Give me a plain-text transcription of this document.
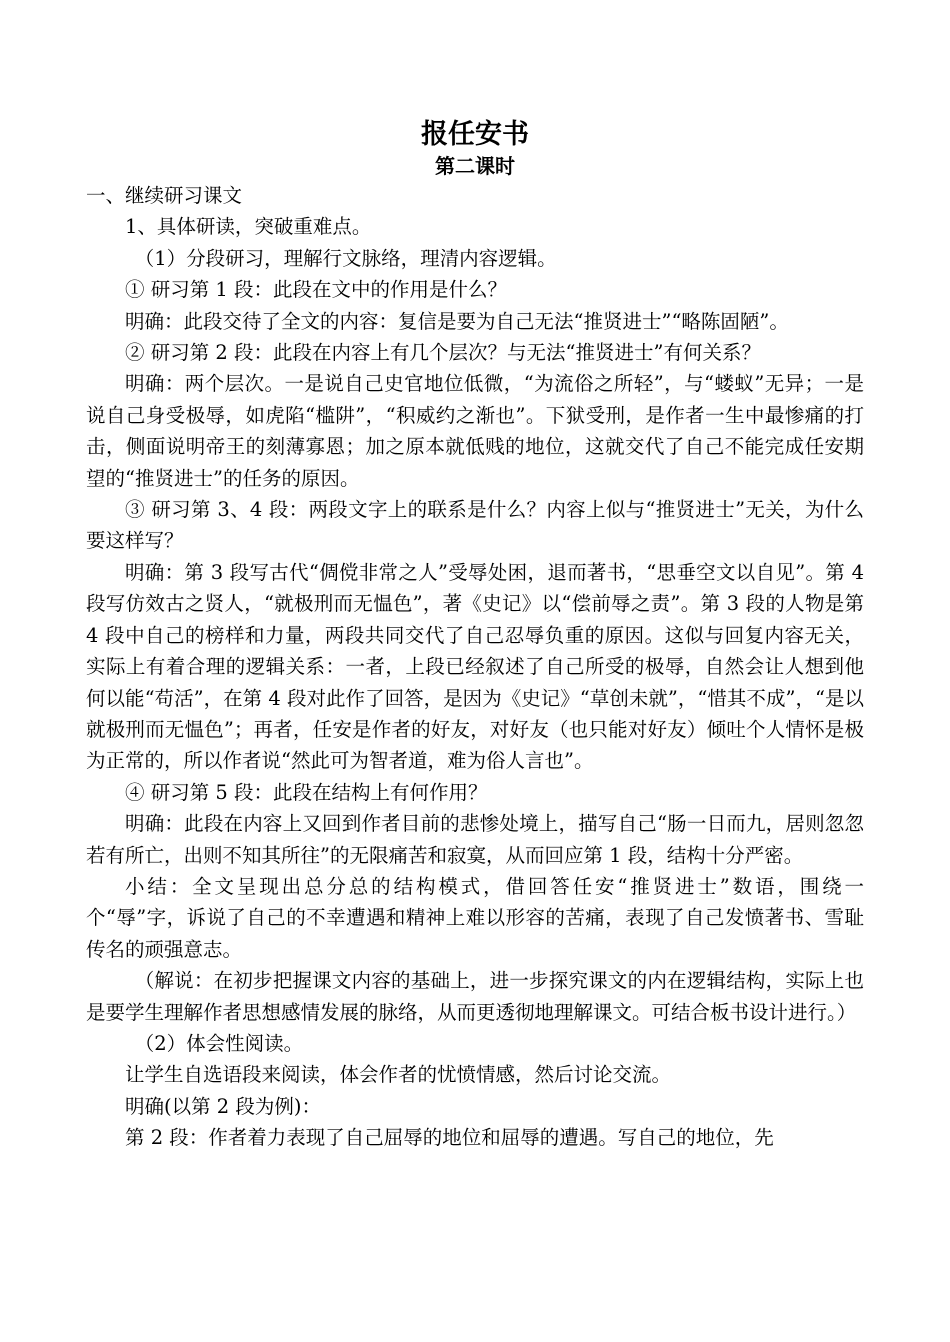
报任安书
第二课时

一、继续研习课文

1、具体研读，突破重难点。

（1）分段研习，理解行文脉络，理清内容逻辑。

① 研习第 1 段：此段在文中的作用是什么？

明确：此段交待了全文的内容：复信是要为自己无法“推贤进士”“略陈固陋”。

② 研习第 2 段：此段在内容上有几个层次？与无法“推贤进士”有何关系？

明确：两个层次。一是说自己史官地位低微，“为流俗之所轻”，与“蝼蚁”无异；一是说自己身受极辱，如虎陷“槛阱”，“积威约之渐也”。下狱受刑，是作者一生中最惨痛的打击，侧面说明帝王的刻薄寡恩；加之原本就低贱的地位，这就交代了自己不能完成任安期望的“推贤进士”的任务的原因。

③ 研习第 3、4 段：两段文字上的联系是什么？内容上似与“推贤进士”无关，为什么要这样写？

明确：第 3 段写古代“倜傥非常之人”受辱处困，退而著书，“思垂空文以自见”。第 4 段写仿效古之贤人，“就极刑而无愠色”，著《史记》以“偿前辱之责”。第 3 段的人物是第 4 段中自己的榜样和力量，两段共同交代了自己忍辱负重的原因。这似与回复内容无关，实际上有着合理的逻辑关系：一者，上段已经叙述了自己所受的极辱，自然会让人想到他何以能“苟活”，在第 4 段对此作了回答，是因为《史记》“草创未就”，“惜其不成”，“是以就极刑而无愠色”；再者，任安是作者的好友，对好友（也只能对好友）倾吐个人情怀是极为正常的，所以作者说“然此可为智者道，难为俗人言也”。

④ 研习第 5 段：此段在结构上有何作用？

明确：此段在内容上又回到作者目前的悲惨处境上，描写自己“肠一日而九，居则忽忽若有所亡，出则不知其所往”的无限痛苦和寂寞，从而回应第 1 段，结构十分严密。

小结：全文呈现出总分总的结构模式，借回答任安“推贤进士”数语，围绕一个“辱”字，诉说了自己的不幸遭遇和精神上难以形容的苦痛，表现了自己发愤著书、雪耻传名的顽强意志。

（解说：在初步把握课文内容的基础上，进一步探究课文的内在逻辑结构，实际上也是要学生理解作者思想感情发展的脉络，从而更透彻地理解课文。可结合板书设计进行。）

（2）体会性阅读。

让学生自选语段来阅读，体会作者的忧愤情感，然后讨论交流。

明确(以第 2 段为例)：

第 2 段：作者着力表现了自己屈辱的地位和屈辱的遭遇。写自己的地位，先
